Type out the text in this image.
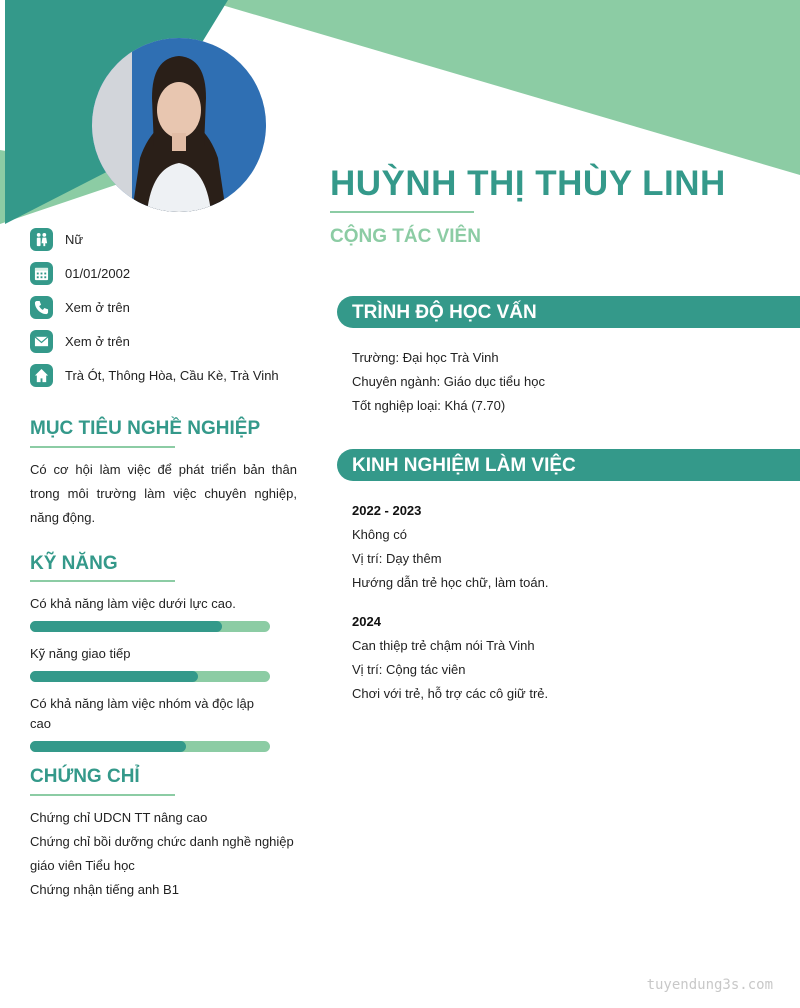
HUỲNH THỊ THÙY LINH
CỘNG TÁC VIÊN
Nữ
01/01/2002
Xem ở trên
Xem ở trên
Trà Ót, Thông Hòa, Cầu Kè, Trà Vinh
MỤC TIÊU NGHỀ NGHIỆP

Có cơ hội làm việc để phát triển bản thân trong môi trường làm việc chuyên nghiệp, năng động.

KỸ NĂNG
Có khả năng làm việc dưới lực cao.
Kỹ năng giao tiếp
Có khả năng làm việc nhóm và độc lập cao
CHỨNG CHỈ
Chứng chỉ UDCN TT nâng cao
Chứng chỉ bồi dưỡng chức danh nghề nghiệp giáo viên Tiểu học
Chứng nhận tiếng anh B1
TRÌNH ĐỘ HỌC VẤN
Trường: Đại học Trà Vinh
Chuyên ngành: Giáo dục tiểu học
Tốt nghiệp loại: Khá (7.70)
KINH NGHIỆM LÀM VIỆC
2022 - 2023
Không có
Vị trí: Dạy thêm
Hướng dẫn trẻ học chữ, làm toán.
2024
Can thiệp trẻ chậm nói Trà Vinh
Vị trí: Cộng tác viên
Chơi với trẻ, hỗ trợ các cô giữ trẻ.
tuyendung3s.com
